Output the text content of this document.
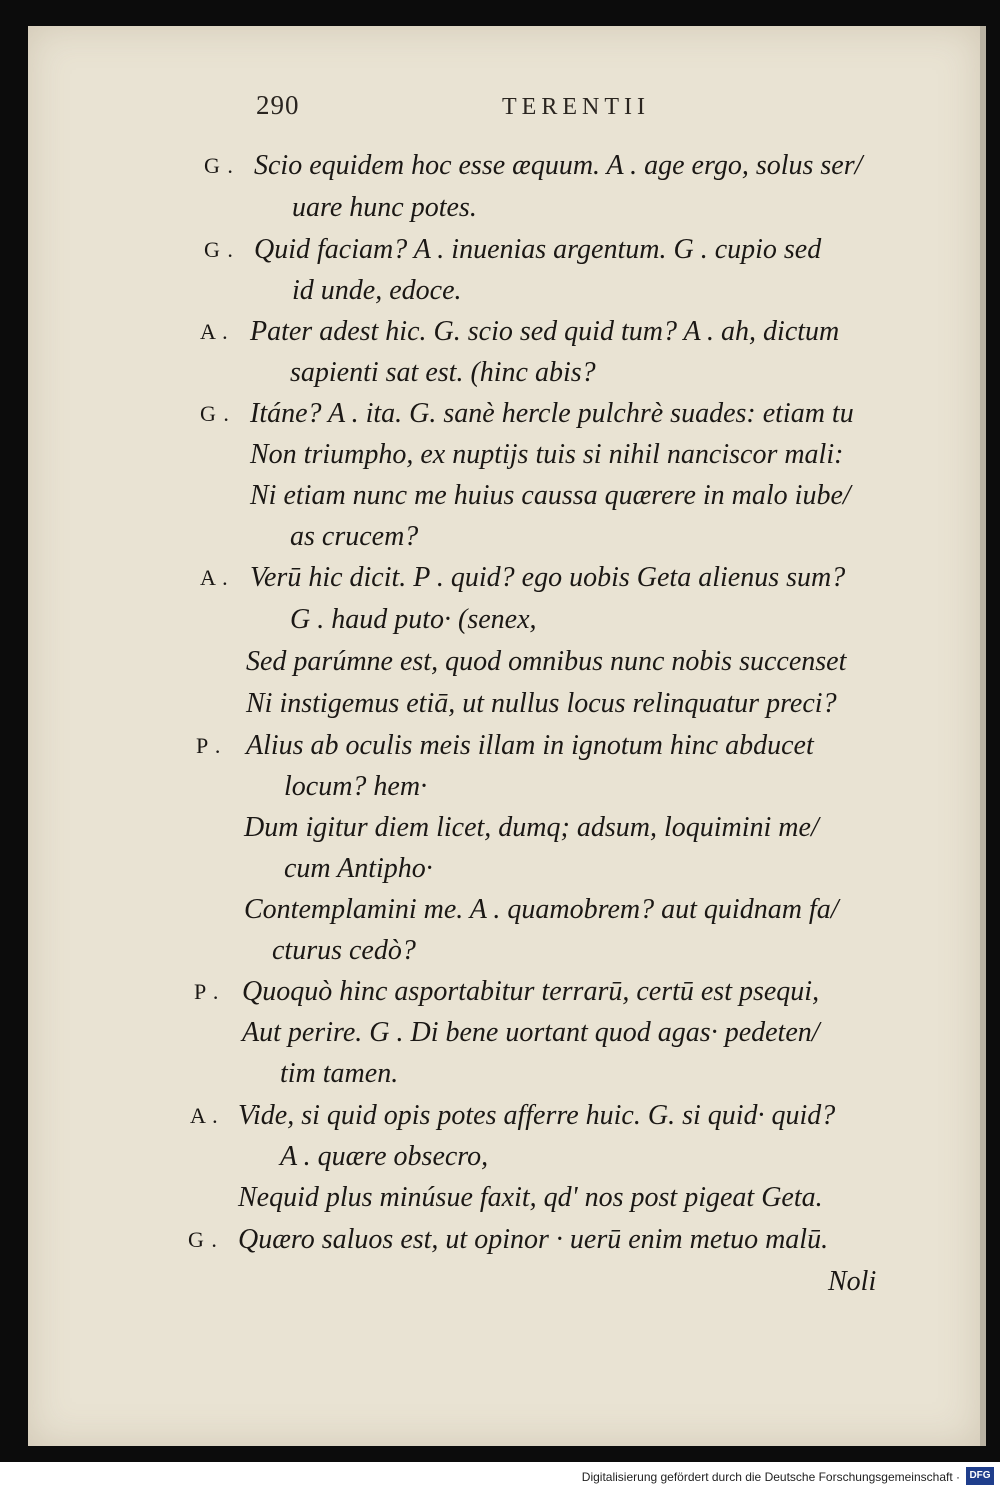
290	TERENTII
G .
G .
A .
G .
A .
P .
P .
A .
G .
Scio equidem hoc esse æquum. A . age ergo, solus ser/
uare hunc potes.
Quid faciam? A . inuenias argentum. G . cupio sed
id unde, edoce.
Pater adest hic. G. scio sed quid tum? A . ah, dictum
sapienti sat est. (hinc abis?
Itáne? A . ita. G. sanè hercle pulchrè suades: etiam tu
Non triumpho, ex nuptijs tuis si nihil nanciscor mali:
Ni etiam nunc me huius caussa quærere in malo iube/
as crucem?
Verū hic dicit. P . quid? ego uobis Geta alienus sum?
G . haud puto· (senex,
Sed parúmne est, quod omnibus nunc nobis succenset
Ni instigemus etiā, ut nullus locus relinquatur preci?
Alius ab oculis meis illam in ignotum hinc abducet
locum? hem·
Dum igitur diem licet, dumq; adsum, loquimini me/
cum Antipho·
Contemplamini me. A . quamobrem? aut quidnam fa/
cturus cedò?
Quoquò hinc asportabitur terrarū, certū est psequi,
Aut perire. G . Di bene uortant quod agas· pedeten/
tim tamen.
Vide, si quid opis potes afferre huic. G. si quid· quid?
A . quære obsecro,
Nequid plus minúsue faxit, qd' nos post pigeat Geta.
Quæro saluos est, ut opinor · uerū enim metuo malū.
Noli
Digitalisierung gefördert durch die Deutsche Forschungsgemeinschaft · DFG
